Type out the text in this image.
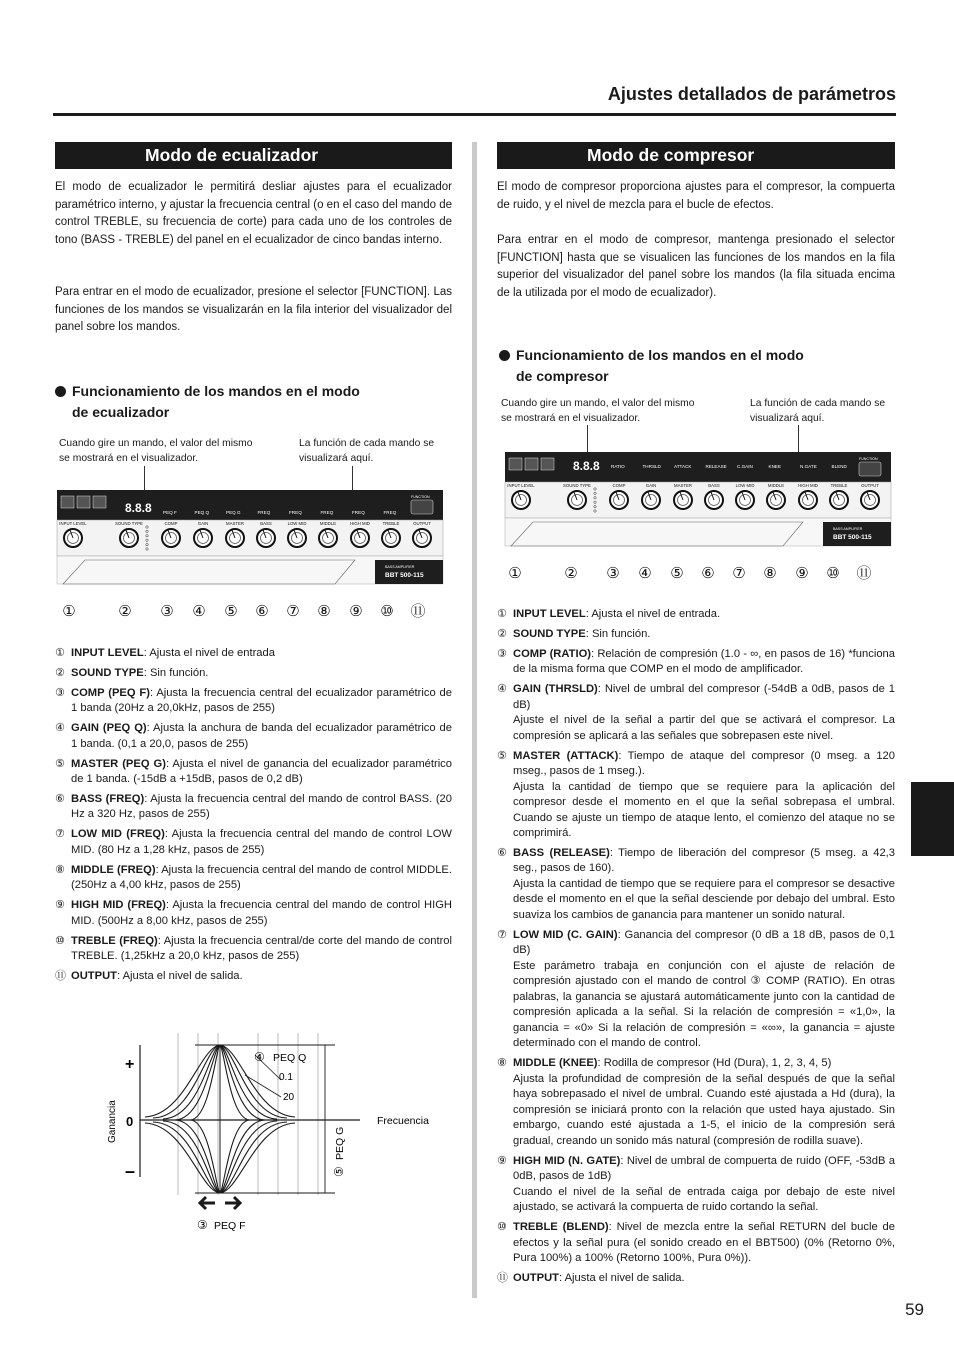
Ajustes detallados de parámetros
Modo de ecualizador
El modo de ecualizador le permitirá desliar ajustes para el ecualizador paramétrico interno, y ajustar la frecuencia central (o en el caso del mando de control TREBLE, su frecuencia de corte) para cada uno de los controles de tono (BASS - TREBLE) del panel en el ecualizador de cinco bandas interno.
Para entrar en el modo de ecualizador, presione el selector [FUNCTION]. Las funciones de los mandos se visualizarán en la fila interior del visualizador del panel sobre los mandos.
Funcionamiento de los mandos en el modo
de ecualizador
Cuando gire un mando, el valor del mismo se mostrará en el visualizador.
La función de cada mando se visualizará aquí.
8.8.8 PEQ F	PEQ Q	PEQ G	FREQ	FREQ	FREQ	FREQ	FREQ
FUNCTION
INPUT LEVEL	SOUND TYPE	COMP	GAIN	MASTER	BASS	LOW MID	MIDDLE	HIGH MID	TREBLE	OUTPUT
BASS AMPLIFIER
BBT 500-115
①	② ③ ④ ⑤ ⑥ ⑦ ⑧ ⑨ ⑩ ⑪
① INPUT LEVEL: Ajusta el nivel de entrada
② SOUND TYPE: Sin función.
③ COMP (PEQ F): Ajusta la frecuencia central del ecualizador paramétrico de 1 banda (20Hz a 20,0kHz, pasos de 255)
④ GAIN (PEQ Q): Ajusta la anchura de banda del ecualizador paramétrico de 1 banda. (0,1 a 20,0, pasos de 255)
⑤ MASTER (PEQ G): Ajusta el nivel de ganancia del ecualizador paramétrico de 1 banda. (-15dB a +15dB, pasos de 0,2 dB)
⑥ BASS (FREQ): Ajusta la frecuencia central del mando de control BASS. (20 Hz a 320 Hz, pasos de 255)
⑦ LOW MID (FREQ): Ajusta la frecuencia central del mando de control LOW MID. (80 Hz a 1,28 kHz, pasos de 255)
⑧ MIDDLE (FREQ): Ajusta la frecuencia central del mando de control MIDDLE. (250Hz a 4,00 kHz, pasos de 255)
⑨ HIGH MID (FREQ): Ajusta la frecuencia central del mando de control HIGH MID. (500Hz a 8,00 kHz, pasos de 255)
⑩ TREBLE (FREQ): Ajusta la frecuencia central/de corte del mando de control TREBLE. (1,25kHz a 20,0 kHz, pasos de 255)
⑪ OUTPUT: Ajusta el nivel de salida.
+
0
–
Ganancia	Frecuencia
④ PEQ Q
0.1
20
⑤
PEQ G
③ PEQ F
Modo de compresor
El modo de compresor proporciona ajustes para el compresor, la compuerta de ruido, y el nivel de mezcla para el bucle de efectos.
Para entrar en el modo de compresor, mantenga presionado el selector [FUNCTION] hasta que se visualicen las funciones de los mandos en la fila superior del visualizador del panel sobre los mandos (la fila situada encima de la utilizada por el modo de ecualizador).
Funcionamiento de los mandos en el modo
de compresor
Cuando gire un mando, el valor del mismo se mostrará en el visualizador.
La función de cada mando se visualizará aquí.
8.8.8 RATIO	THRSLD	ATTACK	RELEASE C.GAIN	KNEE	N.GATE	BLEND
FUNCTION
INPUT LEVEL	SOUND TYPE	COMP	GAIN	MASTER	BASS	LOW MID	MIDDLE	HIGH MID	TREBLE	OUTPUT
BASS AMPLIFIER
BBT 500-115
①	② ③ ④ ⑤ ⑥ ⑦ ⑧ ⑨ ⑩ ⑪
① INPUT LEVEL: Ajusta el nivel de entrada.
② SOUND TYPE: Sin función.
③ COMP (RATIO): Relación de compresión (1.0 - ∞, en pasos de 16) *funciona de la misma forma que COMP en el modo de amplificador.
④ GAIN (THRSLD): Nivel de umbral del compresor (-54dB a 0dB, pasos de 1 dB)
Ajuste el nivel de la señal a partir del que se activará el compresor. La compresión se aplicará a las señales que sobrepasen este nivel.
⑤ MASTER (ATTACK): Tiempo de ataque del compresor (0 mseg. a 120 mseg., pasos de 1 mseg.).
Ajusta la cantidad de tiempo que se requiere para la aplicación del compresor desde el momento en el que la señal sobrepasa el umbral. Cuando se ajuste un tiempo de ataque lento, el comienzo del ataque no se comprimirá.
⑥ BASS (RELEASE): Tiempo de liberación del compresor (5 mseg. a 42,3 seg., pasos de 160).
Ajusta la cantidad de tiempo que se requiere para el compresor se desactive desde el momento en el que la señal desciende por debajo del umbral. Esto suaviza los cambios de ganancia para mantener un sonido natural.
⑦ LOW MID (C. GAIN): Ganancia del compresor (0 dB a 18 dB, pasos de 0,1 dB)
Este parámetro trabaja en conjunción con el ajuste de relación de compresión ajustado con el mando de control ③ COMP (RATIO). En otras palabras, la ganancia se ajustará automáticamente junto con la cantidad de compresión aplicada a la señal. Si la relación de compresión = «1,0», la ganancia = «0» Si la relación de compresión = «∞», la ganancia = ajuste determinado con el mando de control.
⑧ MIDDLE (KNEE): Rodilla de compresor (Hd (Dura), 1, 2, 3, 4, 5)
Ajusta la profundidad de compresión de la señal después de que la señal haya sobrepasado el nivel de umbral. Cuando esté ajustada a Hd (dura), la compresión se iniciará pronto con la relación que usted haya ajustado. Sin embargo, cuando esté ajustada a 1-5, el inicio de la compresión será gradual, creando un sonido más natural (compresión de rodilla suave).
⑨ HIGH MID (N. GATE): Nivel de umbral de compuerta de ruido (OFF, -53dB a 0dB, pasos de 1dB)
Cuando el nivel de la señal de entrada caiga por debajo de este nivel ajustado, se activará la compuerta de ruido cortando la señal.
⑩ TREBLE (BLEND): Nivel de mezcla entre la señal RETURN del bucle de efectos y la señal pura (el sonido creado en el BBT500) (0% (Retorno 0%, Pura 100%) a 100% (Retorno 100%, Pura 0%)).
⑪ OUTPUT: Ajusta el nivel de salida.
59
